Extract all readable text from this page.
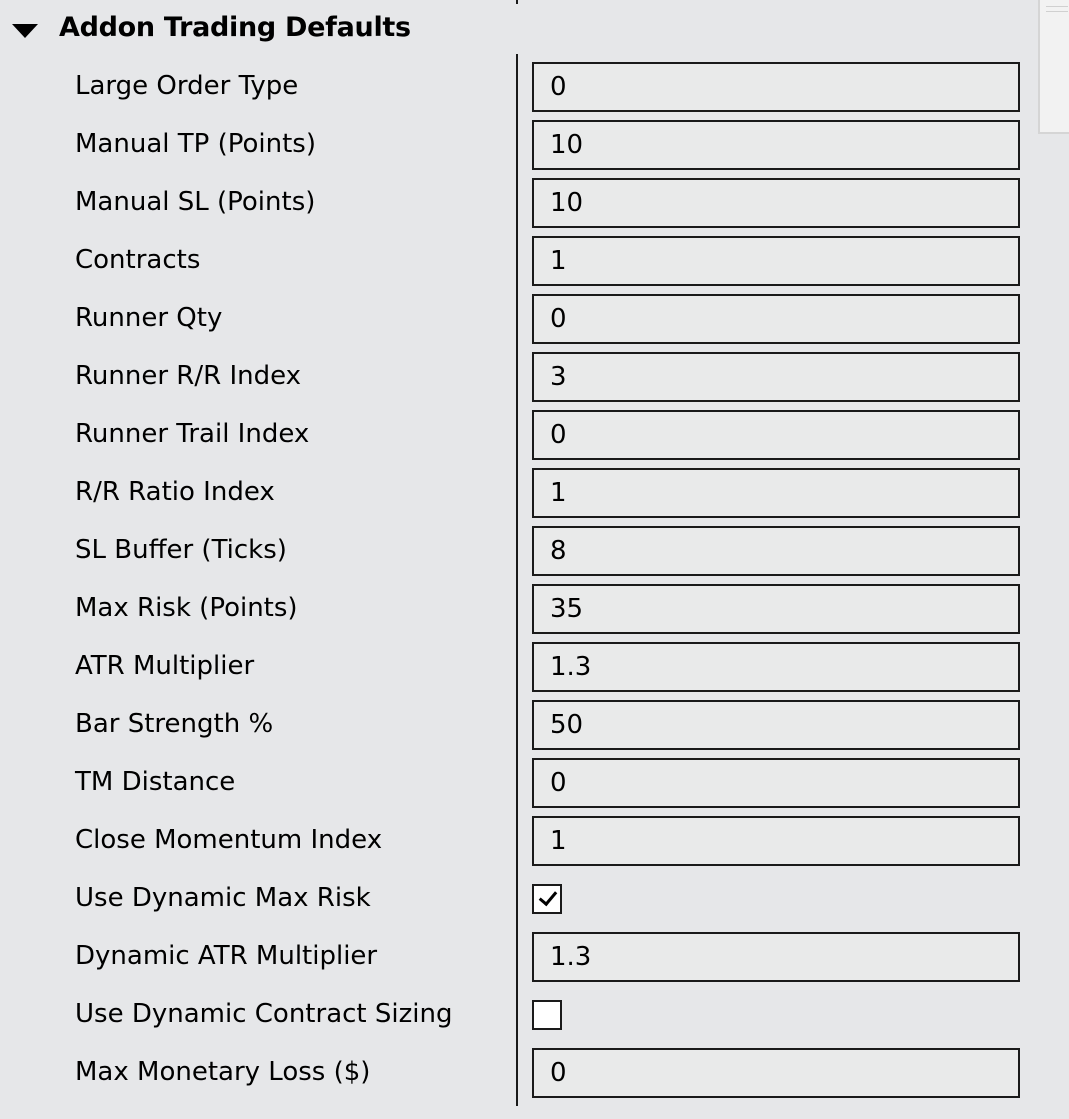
Addon Trading Defaults
Large Order Type
0
Manual TP (Points)
10
Manual SL (Points)
10
Contracts
1
Runner Qty
0
Runner R/R Index
3
Runner Trail Index
0
R/R Ratio Index
1
SL Buffer (Ticks)
8
Max Risk (Points)
35
ATR Multiplier
1.3
Bar Strength %
50
TM Distance
0
Close Momentum Index
1
Use Dynamic Max Risk
Dynamic ATR Multiplier
1.3
Use Dynamic Contract Sizing
Max Monetary Loss ($)
0
